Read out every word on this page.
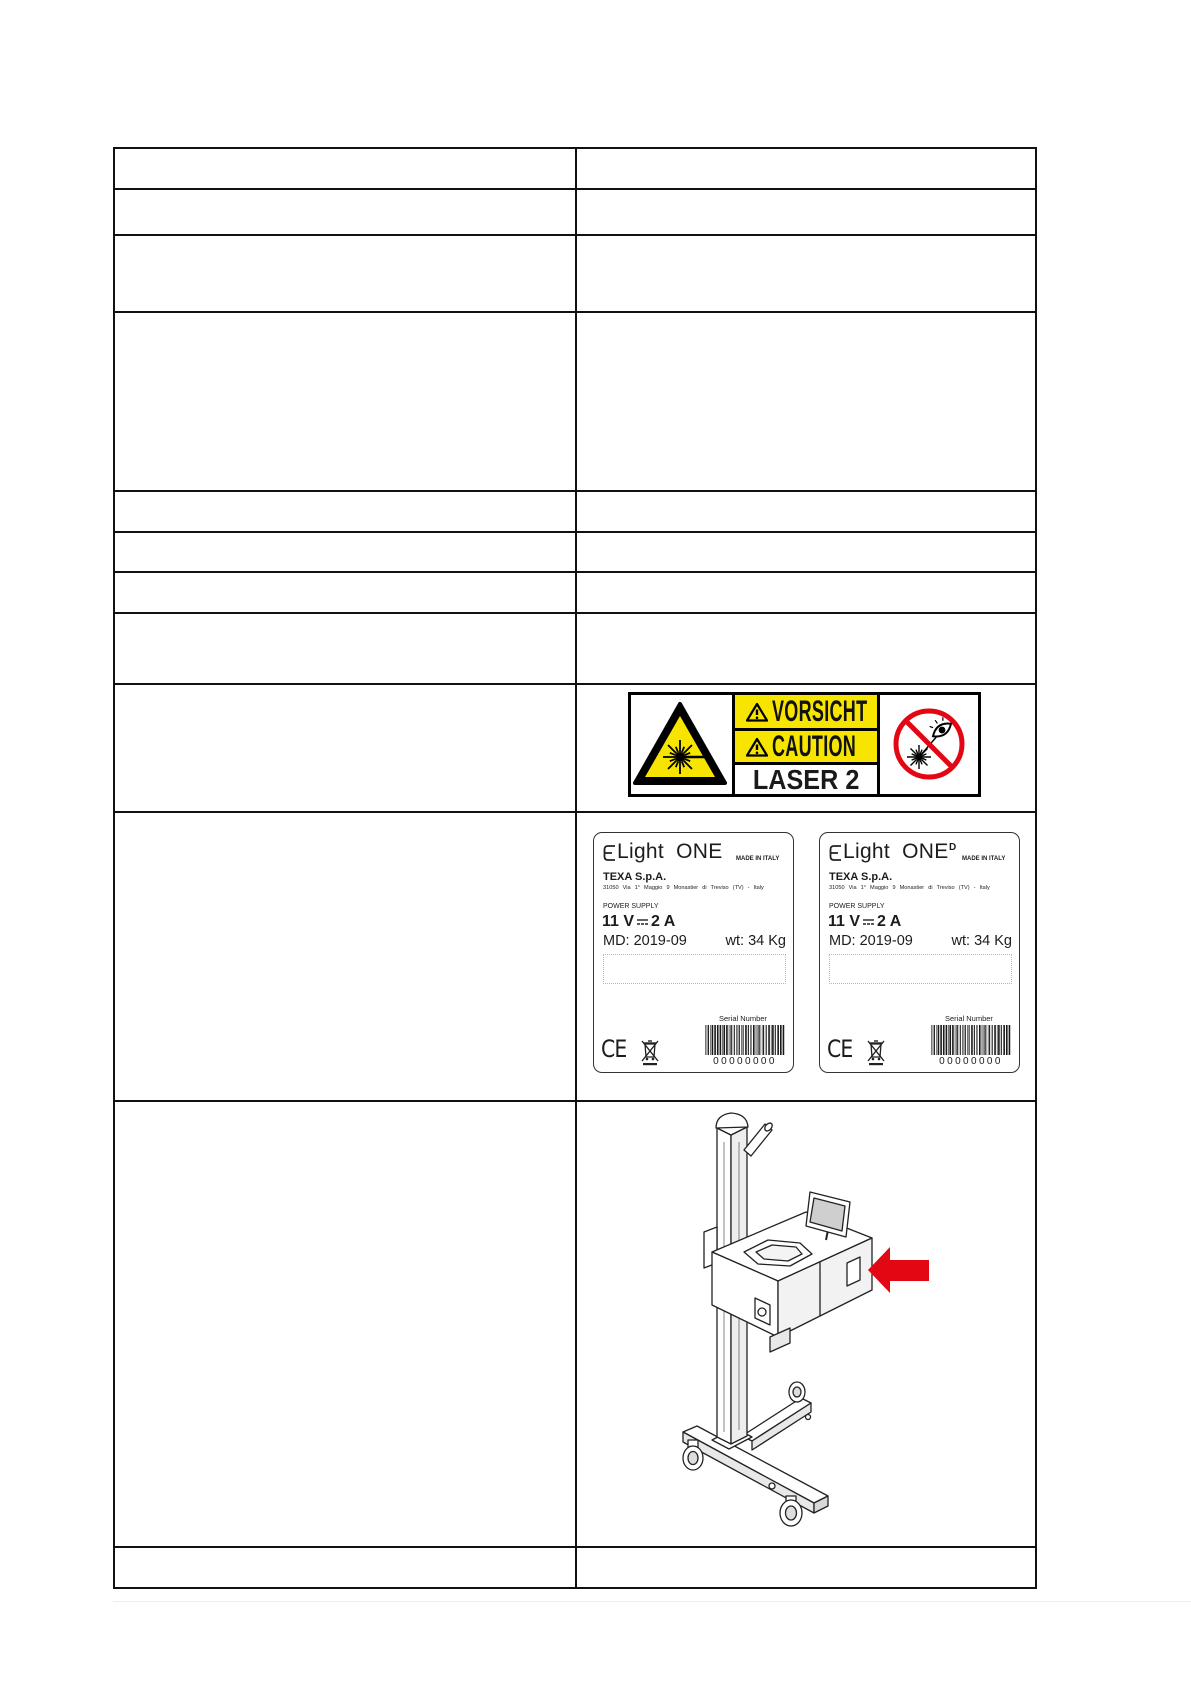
VORSICHT
CAUTION
LASER 2
Light ONE MADE IN ITALY
TEXA S.p.A.
31050 Via 1° Maggio 9 Monastier di Treviso (TV) - Italy
POWER SUPPLY
11 V 2 A
MD: 2019-09	wt: 34 Kg
Serial Number
00000000
CE
Light ONE D
MADE IN ITALY
TEXA S.p.A.
31050 Via 1° Maggio 9 Monastier di Treviso (TV) - Italy
POWER SUPPLY
11 V 2 A
MD: 2019-09	wt: 34 Kg
Serial Number
00000000
CE
